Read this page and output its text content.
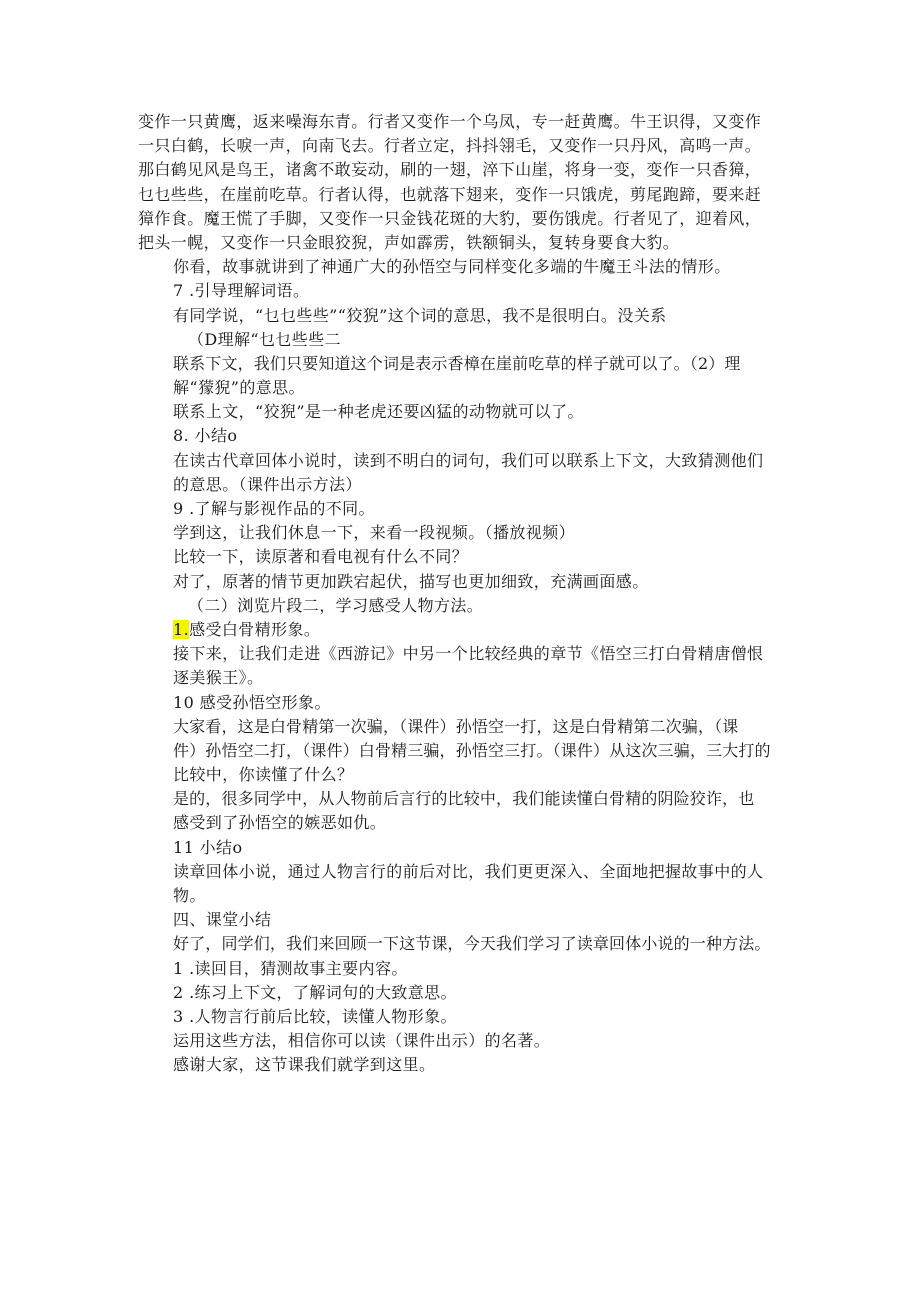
变作一只黄鹰，返来噪海东青。行者又变作一个乌凤，专一赶黄鹰。牛王识得，又变作
一只白鹤，长唳一声，向南飞去。行者立定，抖抖翎毛，又变作一只丹风，高鸣一声。
那白鹤见风是鸟王，诸禽不敢妄动，刷的一翅，淬下山崖，将身一变，变作一只香獐，
乜乜些些，在崖前吃草。行者认得，也就落下翅来，变作一只饿虎，剪尾跑蹄，要来赶
獐作食。魔王慌了手脚，又变作一只金钱花斑的大豹，要伤饿虎。行者见了，迎着风，
把头一幌，又变作一只金眼狡猊，声如霹雳，铁额铜头，复转身要食大豹。
你看，故事就讲到了神通广大的孙悟空与同样变化多端的牛魔王斗法的情形。
7 .引导理解词语。
有同学说，“乜乜些些”“狡猊”这个词的意思，我不是很明白。没关系
（D理解“乜乜些些二
联系下文，我们只要知道这个词是表示香樟在崖前吃草的样子就可以了。（2）理
解“獴猊”的意思。
联系上文，“狡猊”是一种老虎还要凶猛的动物就可以了。
8. 小结o
在读古代章回体小说时，读到不明白的词句，我们可以联系上下文，大致猜测他们
的意思。（课件出示方法）
9 .了解与影视作品的不同。
学到这，让我们休息一下，来看一段视频。（播放视频）
比较一下，读原著和看电视有什么不同？
对了，原著的情节更加跌宕起伏，描写也更加细致，充满画面感。
（二）浏览片段二，学习感受人物方法。
1.感受白骨精形象。
接下来，让我们走进《西游记》中另一个比较经典的章节《悟空三打白骨精唐僧恨
逐美猴王》。
10 感受孙悟空形象。
大家看，这是白骨精第一次骗，（课件）孙悟空一打，这是白骨精第二次骗，（课
件）孙悟空二打，（课件）白骨精三骗，孙悟空三打。（课件）从这次三骗，三大打的
比较中，你读懂了什么？
是的，很多同学中，从人物前后言行的比较中，我们能读懂白骨精的阴险狡诈，也
感受到了孙悟空的嫉恶如仇。
11 小结o
读章回体小说，通过人物言行的前后对比，我们更更深入、全面地把握故事中的人
物。
四、课堂小结
好了，同学们，我们来回顾一下这节课，今天我们学习了读章回体小说的一种方法。
1 .读回目，猜测故事主要内容。
2 .练习上下文，了解词句的大致意思。
3 .人物言行前后比较，读懂人物形象。
运用这些方法，相信你可以读（课件出示）的名著。
感谢大家，这节课我们就学到这里。
